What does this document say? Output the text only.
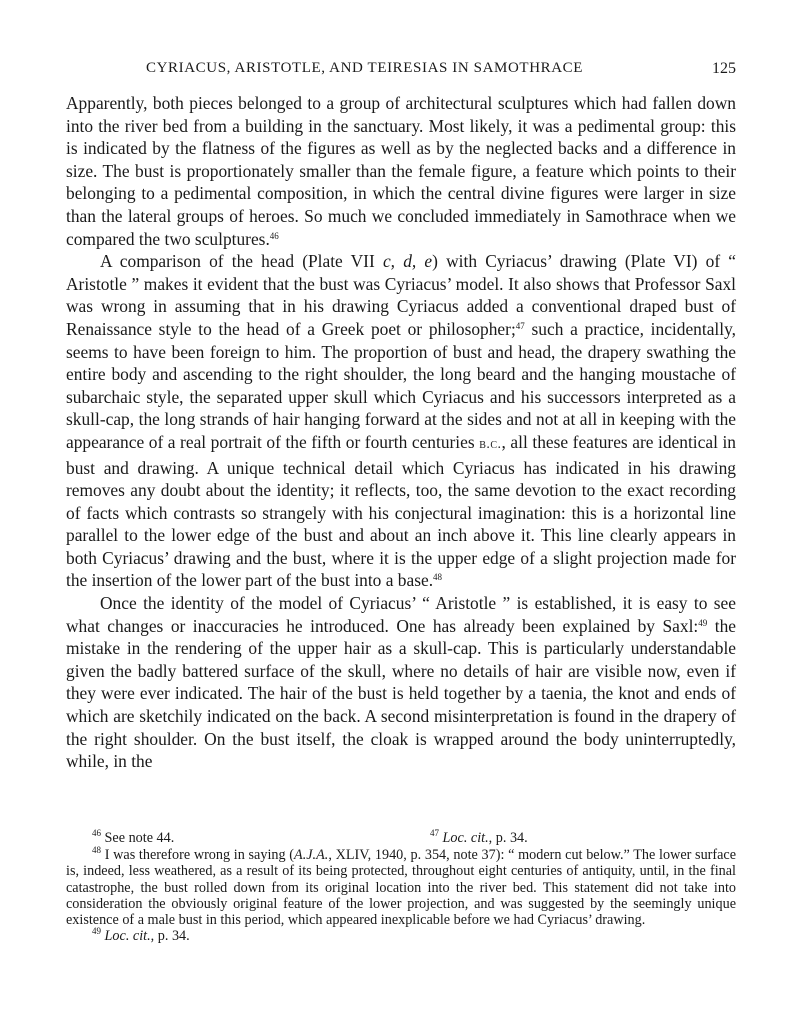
CYRIACUS, ARISTOTLE, AND TEIRESIAS IN SAMOTHRACE	125

Apparently, both pieces belonged to a group of architectural sculptures which had fallen down into the river bed from a building in the sanctuary. Most likely, it was a pedimental group: this is indicated by the flatness of the figures as well as by the neglected backs and a difference in size. The bust is proportionately smaller than the female figure, a feature which points to their belonging to a pedimental composition, in which the central divine figures were larger in size than the lateral groups of heroes. So much we concluded immediately in Samothrace when we compared the two sculptures.$^{46}$

A comparison of the head (Plate VII c, d, e) with Cyriacus’ drawing (Plate VI) of “ Aristotle ” makes it evident that the bust was Cyriacus’ model. It also shows that Professor Saxl was wrong in assuming that in his drawing Cyriacus added a conventional draped bust of Renaissance style to the head of a Greek poet or philosopher;$^{47}$ such a practice, incidentally, seems to have been foreign to him. The proportion of bust and head, the drapery swathing the entire body and ascending to the right shoulder, the long beard and the hanging moustache of subarchaic style, the separated upper skull which Cyriacus and his successors interpreted as a skull-cap, the long strands of hair hanging forward at the sides and not at all in keeping with the appearance of a real portrait of the fifth or fourth centuries b.c., all these features are identical in bust and drawing. A unique technical detail which Cyriacus has indicated in his drawing removes any doubt about the identity; it reflects, too, the same devotion to the exact recording of facts which contrasts so strangely with his conjectural imagination: this is a horizontal line parallel to the lower edge of the bust and about an inch above it. This line clearly appears in both Cyriacus’ drawing and the bust, where it is the upper edge of a slight projection made for the insertion of the lower part of the bust into a base.$^{48}$

Once the identity of the model of Cyriacus’ “ Aristotle ” is established, it is easy to see what changes or inaccuracies he introduced. One has already been explained by Saxl:$^{49}$ the mistake in the rendering of the upper hair as a skull-cap. This is particularly understandable given the badly battered surface of the skull, where no details of hair are visible now, even if they were ever indicated. The hair of the bust is held together by a taenia, the knot and ends of which are sketchily indicated on the back. A second misinterpretation is found in the drapery of the right shoulder. On the bust itself, the cloak is wrapped around the body uninterruptedly, while, in the

$^{46}$ See note 44.	$^{47}$ Loc. cit., p. 34.

$^{48}$ I was therefore wrong in saying (A.J.A., XLIV, 1940, p. 354, note 37): “ modern cut below.” The lower surface is, indeed, less weathered, as a result of its being protected, throughout eight centuries of antiquity, until, in the final catastrophe, the bust rolled down from its original location into the river bed. This statement did not take into consideration the obviously original feature of the lower projection, and was suggested by the seemingly unique existence of a male bust in this period, which appeared inexplicable before we had Cyriacus’ drawing.

$^{49}$ Loc. cit., p. 34.
